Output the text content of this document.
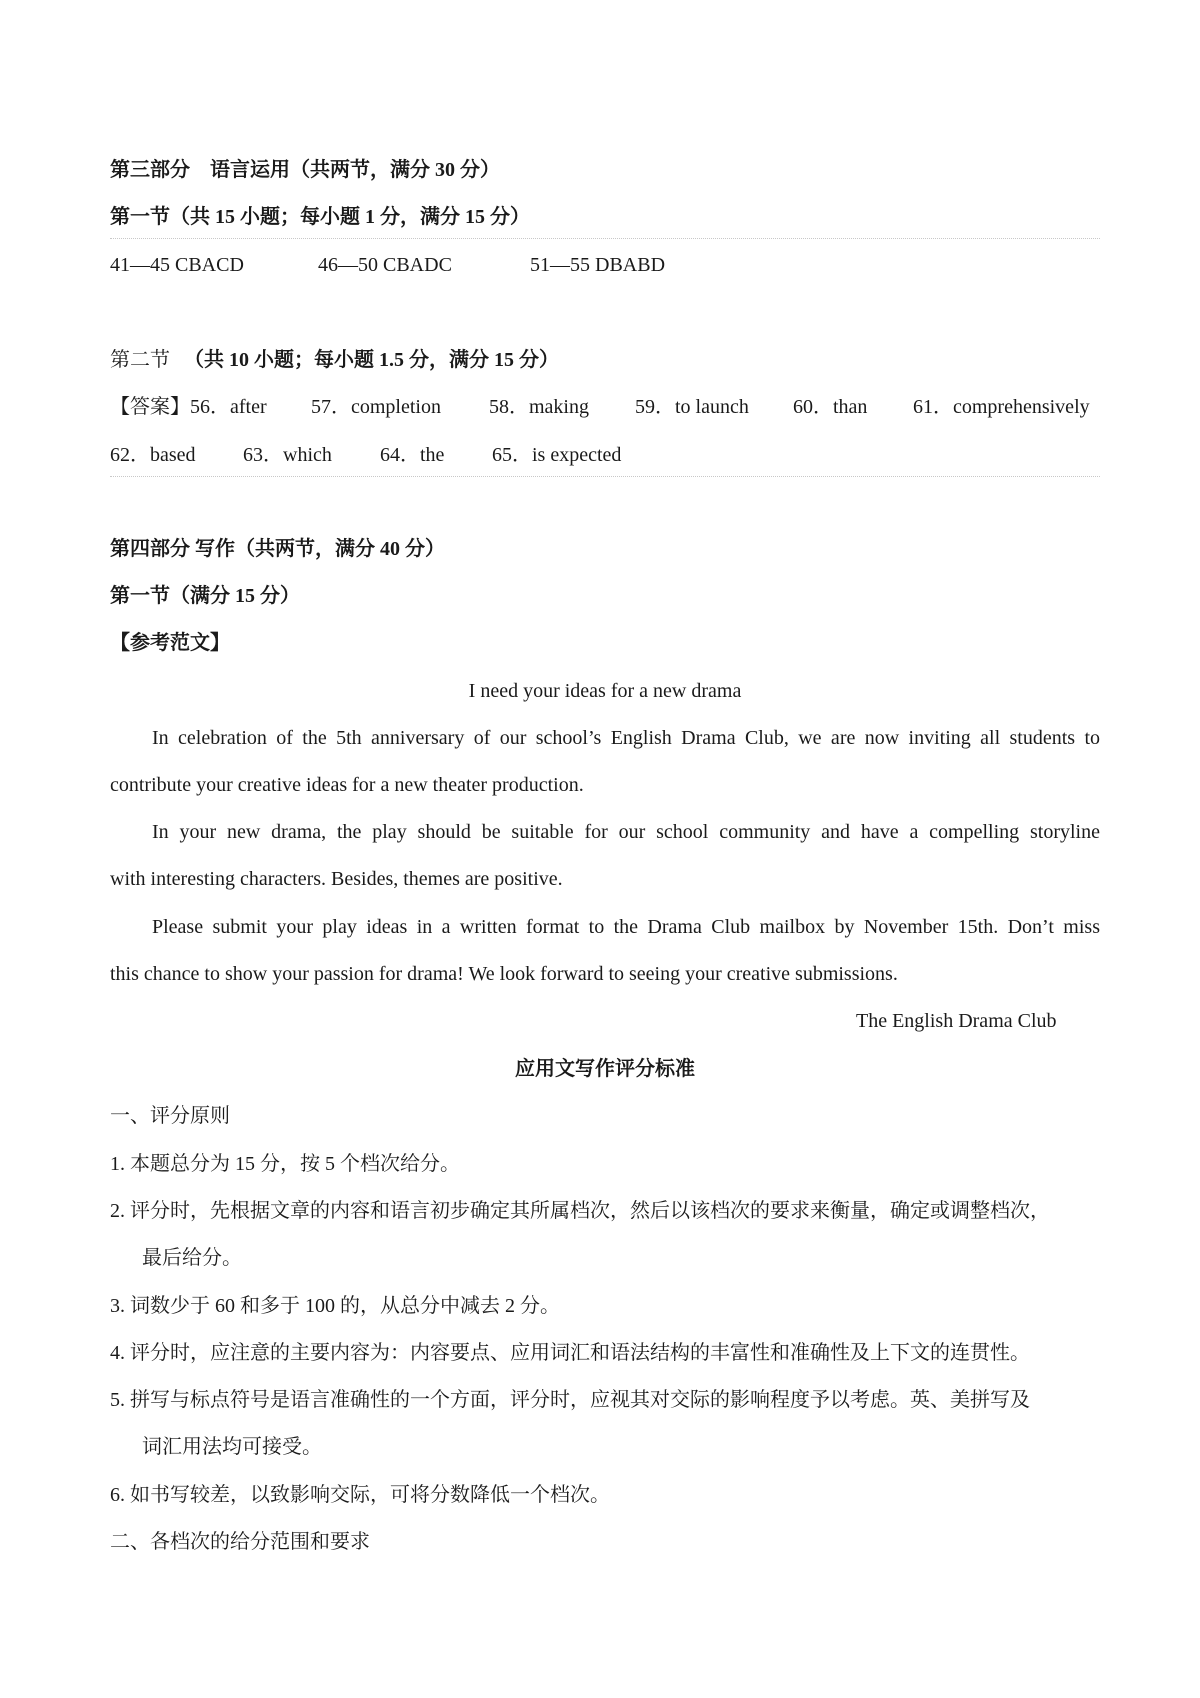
第三部分　语言运用（共两节，满分 30 分）
第一节（共 15 小题；每小题 1 分，满分 15 分）
41—45 CBACD	46—50 CBADC	51—55 DBABD
第二节 （共 10 小题；每小题 1.5 分，满分 15 分）
【答案】 56．after 57．completion 58．making 59．to launch 60．than 61．comprehensively
62．based 63．which 64．the 65．is expected
第四部分 写作（共两节，满分 40 分）
第一节（满分 15 分）
【参考范文】
I need your ideas for a new drama
In celebration of the 5th anniversary of our school’s English Drama Club, we are now inviting all students to
contribute your creative ideas for a new theater production.
In your new drama, the play should be suitable for our school community and have a compelling storyline
with interesting characters. Besides, themes are positive.
Please submit your play ideas in a written format to the Drama Club mailbox by November 15th. Don’t miss
this chance to show your passion for drama! We look forward to seeing your creative submissions.
The English Drama Club
应用文写作评分标准
一、评分原则
1. 本题总分为 15 分，按 5 个档次给分。
2. 评分时，先根据文章的内容和语言初步确定其所属档次，然后以该档次的要求来衡量，确定或调整档次，
最后给分。
3. 词数少于 60 和多于 100 的，从总分中减去 2 分。
4. 评分时，应注意的主要内容为：内容要点、应用词汇和语法结构的丰富性和准确性及上下文的连贯性。
5. 拼写与标点符号是语言准确性的一个方面，评分时，应视其对交际的影响程度予以考虑。英、美拼写及
词汇用法均可接受。
6. 如书写较差，以致影响交际，可将分数降低一个档次。
二、各档次的给分范围和要求
